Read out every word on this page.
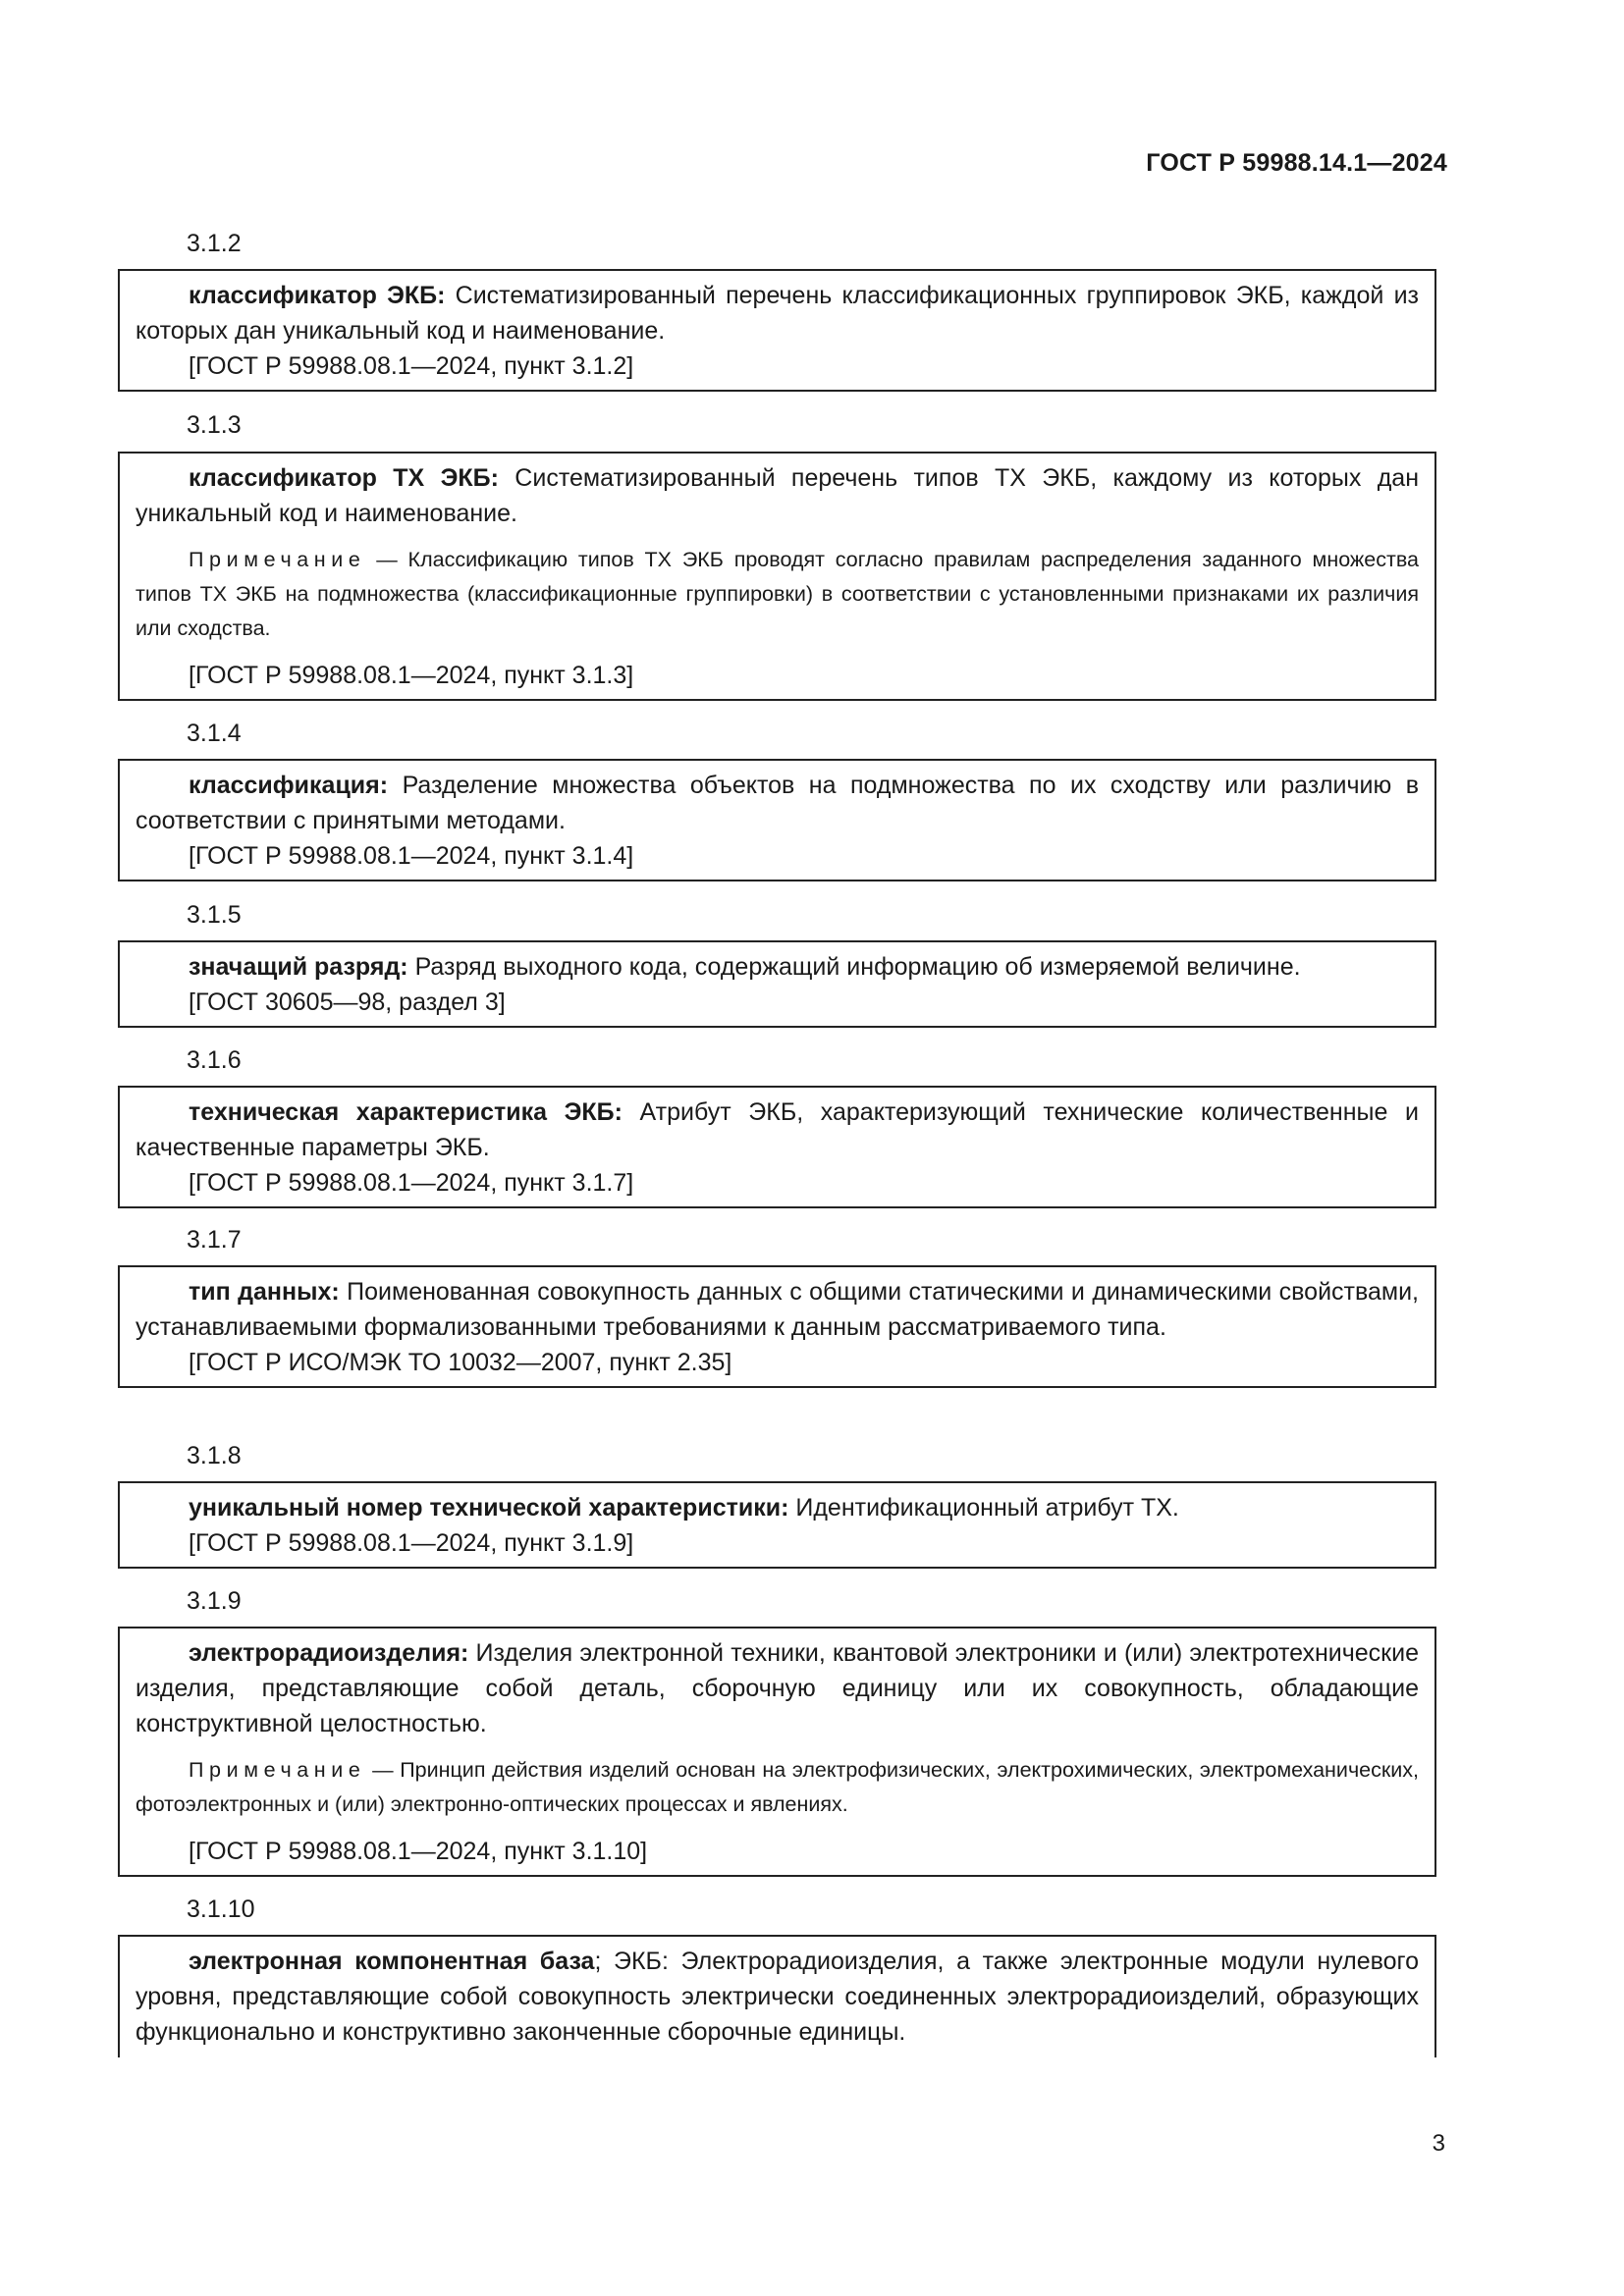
ГОСТ Р 59988.14.1—2024
3.1.2

классификатор ЭКБ: Систематизированный перечень классификационных группировок ЭКБ, каждой из которых дан уникальный код и наименование.

[ГОСТ Р 59988.08.1—2024, пункт 3.1.2]

3.1.3

классификатор ТХ ЭКБ: Систематизированный перечень типов ТХ ЭКБ, каждому из которых дан уникальный код и наименование.

Примечание — Классификацию типов ТХ ЭКБ проводят согласно правилам распределения заданного множества типов ТХ ЭКБ на подмножества (классификационные группировки) в соответствии с установленными признаками их различия или сходства.

[ГОСТ Р 59988.08.1—2024, пункт 3.1.3]

3.1.4

классификация: Разделение множества объектов на подмножества по их сходству или различию в соответствии с принятыми методами.

[ГОСТ Р 59988.08.1—2024, пункт 3.1.4]

3.1.5

значащий разряд: Разряд выходного кода, содержащий информацию об измеряемой величине.

[ГОСТ 30605—98, раздел 3]

3.1.6

техническая характеристика ЭКБ: Атрибут ЭКБ, характеризующий технические количественные и качественные параметры ЭКБ.

[ГОСТ Р 59988.08.1—2024, пункт 3.1.7]

3.1.7

тип данных: Поименованная совокупность данных с общими статическими и динамическими свойствами, устанавливаемыми формализованными требованиями к данным рассматриваемого типа.

[ГОСТ Р ИСО/МЭК ТО 10032—2007, пункт 2.35]

3.1.8

уникальный номер технической характеристики: Идентификационный атрибут ТХ.

[ГОСТ Р 59988.08.1—2024, пункт 3.1.9]

3.1.9

электрорадиоизделия: Изделия электронной техники, квантовой электроники и (или) электротехнические изделия, представляющие собой деталь, сборочную единицу или их совокупность, обладающие конструктивной целостностью.

Примечание — Принцип действия изделий основан на электрофизических, электрохимических, электромеханических, фотоэлектронных и (или) электронно-оптических процессах и явлениях.

[ГОСТ Р 59988.08.1—2024, пункт 3.1.10]

3.1.10

электронная компонентная база; ЭКБ: Электрорадиоизделия, а также электронные модули нулевого уровня, представляющие собой совокупность электрически соединенных электрорадиоизделий, образующих функционально и конструктивно законченные сборочные единицы.

3
